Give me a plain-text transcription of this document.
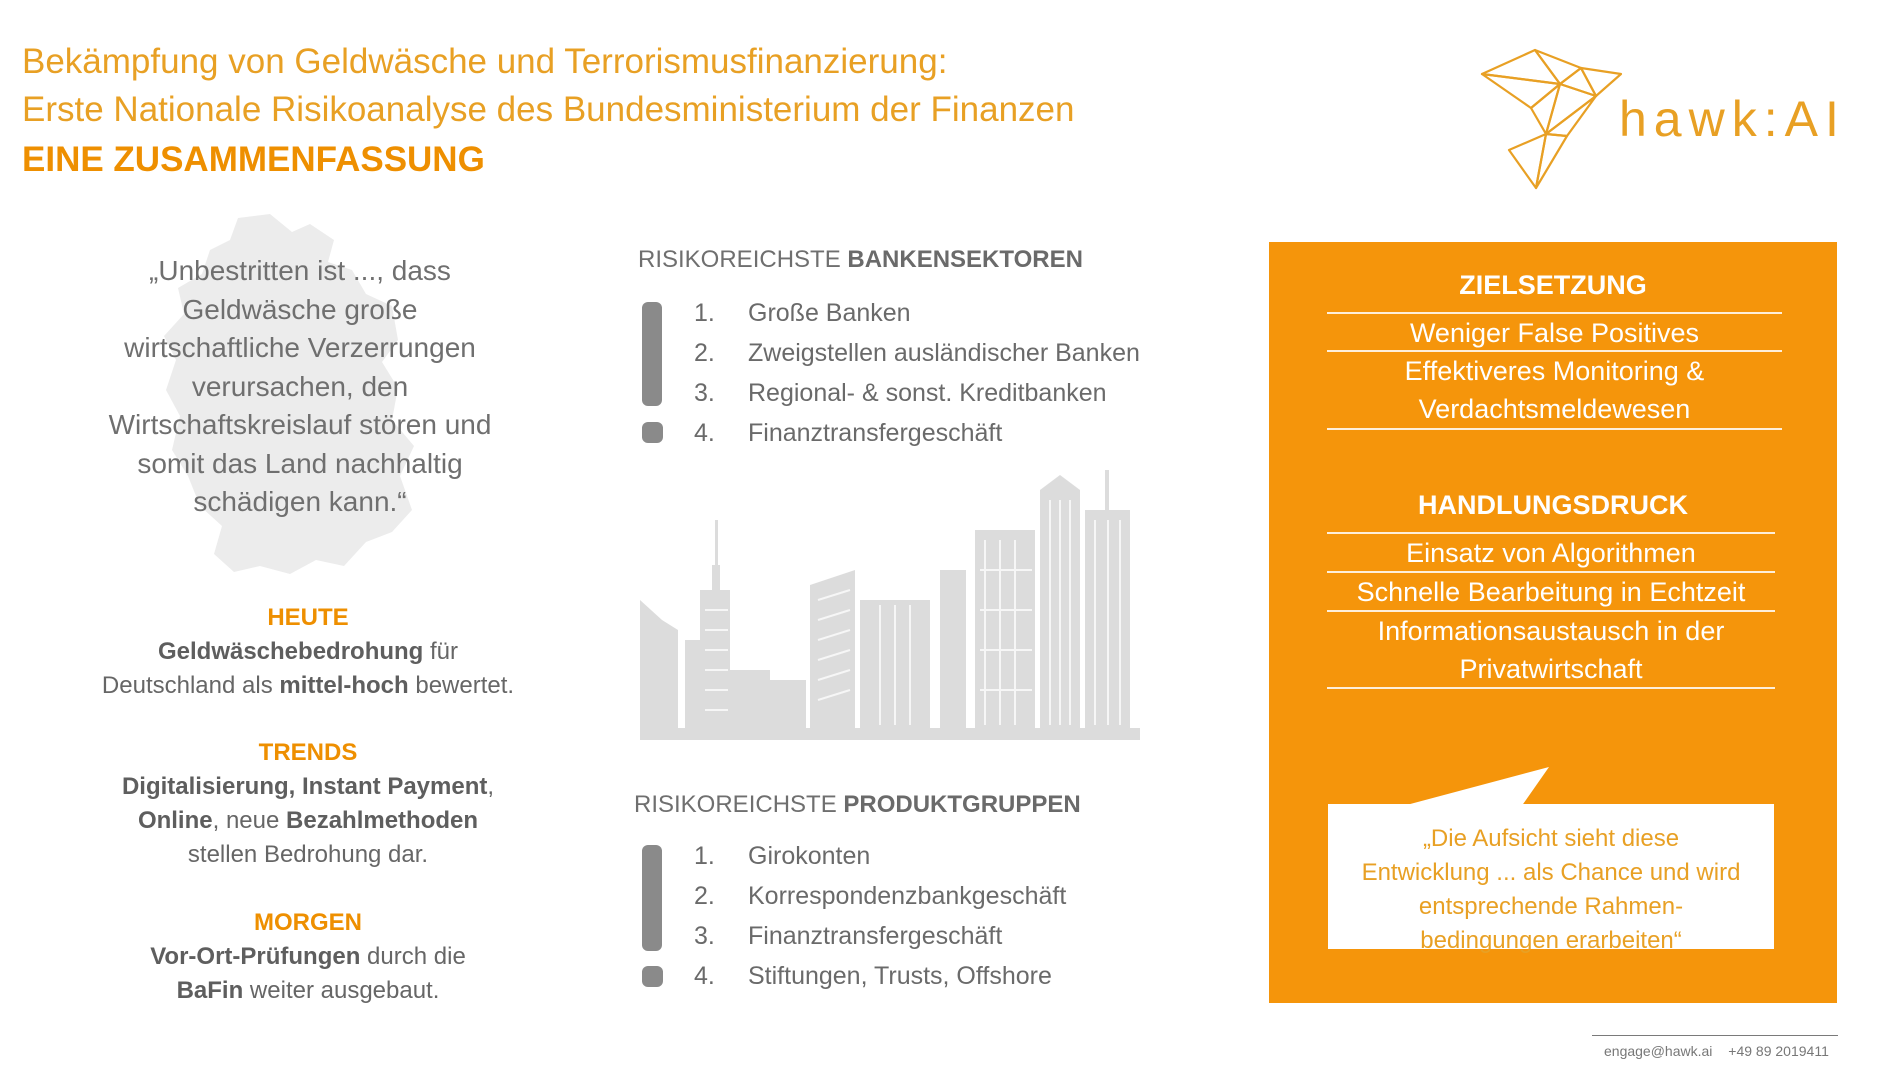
Bekämpfung von Geldwäsche und Terrorismusfinanzierung:
Erste Nationale Risikoanalyse des Bundesministerium der Finanzen
EINE ZUSAMMENFASSUNG
hawk:AI
„Unbestritten ist ..., dass
Geldwäsche große
wirtschaftliche Verzerrungen
verursachen, den
Wirtschaftskreislauf stören und
somit das Land nachhaltig
schädigen kann.“
HEUTE
Geldwäschebedrohung für
Deutschland als mittel-hoch bewertet.
TRENDS
Digitalisierung, Instant Payment,
Online, neue Bezahlmethoden
stellen Bedrohung dar.
MORGEN
Vor-Ort-Prüfungen durch die
BaFin weiter ausgebaut.
RISIKOREICHSTE BANKENSEKTOREN
1. Große Banken
2. Zweigstellen ausländischer Banken
3. Regional- & sonst. Kreditbanken
4. Finanztransfergeschäft
RISIKOREICHSTE PRODUKTGRUPPEN
1. Girokonten
2. Korrespondenzbankgeschäft
3. Finanztransfergeschäft
4. Stiftungen, Trusts, Offshore
ZIELSETZUNG
Weniger False Positives
Effektiveres Monitoring &
Verdachtsmeldewesen
HANDLUNGSDRUCK
Einsatz von Algorithmen
Schnelle Bearbeitung in Echtzeit
Informationsaustausch in der
Privatwirtschaft
„Die Aufsicht sieht diese
Entwicklung ... als Chance und wird
entsprechende Rahmen-
bedingungen erarbeiten“
engage@hawk.ai +49 89 2019411
